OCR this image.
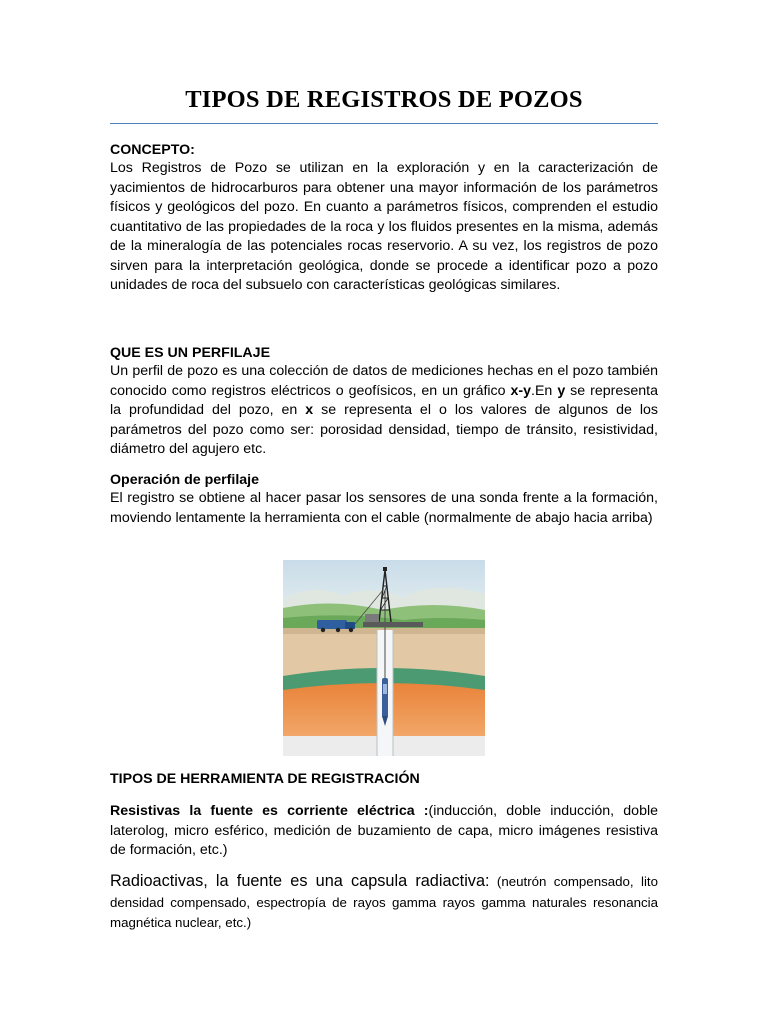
TIPOS DE REGISTROS DE POZOS
CONCEPTO:
Los Registros de Pozo se utilizan en la exploración y en la caracterización de yacimientos de hidrocarburos para obtener una mayor información de los parámetros físicos y geológicos del pozo. En cuanto a parámetros físicos, comprenden el estudio cuantitativo de las propiedades de la roca y los fluidos presentes en la misma, además de la mineralogía de las potenciales rocas reservorio. A su vez, los registros de pozo sirven para la interpretación geológica, donde se procede a identificar pozo a pozo unidades de roca del subsuelo con características geológicas similares.
QUE ES UN PERFILAJE
Un perfil de pozo es una colección de datos de mediciones hechas en el pozo también conocido como registros eléctricos o geofísicos, en un gráfico x-y.En y se representa la profundidad del pozo, en x se representa el o los valores de algunos de los parámetros del pozo como ser: porosidad densidad, tiempo de tránsito, resistividad, diámetro del agujero etc.
Operación de perfilaje
El registro se obtiene al hacer pasar los sensores de una sonda frente a la formación, moviendo lentamente la herramienta con el cable (normalmente de abajo hacia arriba)
TIPOS DE HERRAMIENTA DE REGISTRACIÓN
Resistivas la fuente es corriente eléctrica :(inducción, doble inducción, doble laterolog, micro esférico, medición de buzamiento de capa, micro imágenes resistiva de formación, etc.)
Radioactivas, la fuente es una capsula radiactiva: (neutrón compensado, lito densidad compensado, espectropía de rayos gamma rayos gamma naturales resonancia magnética nuclear, etc.)
